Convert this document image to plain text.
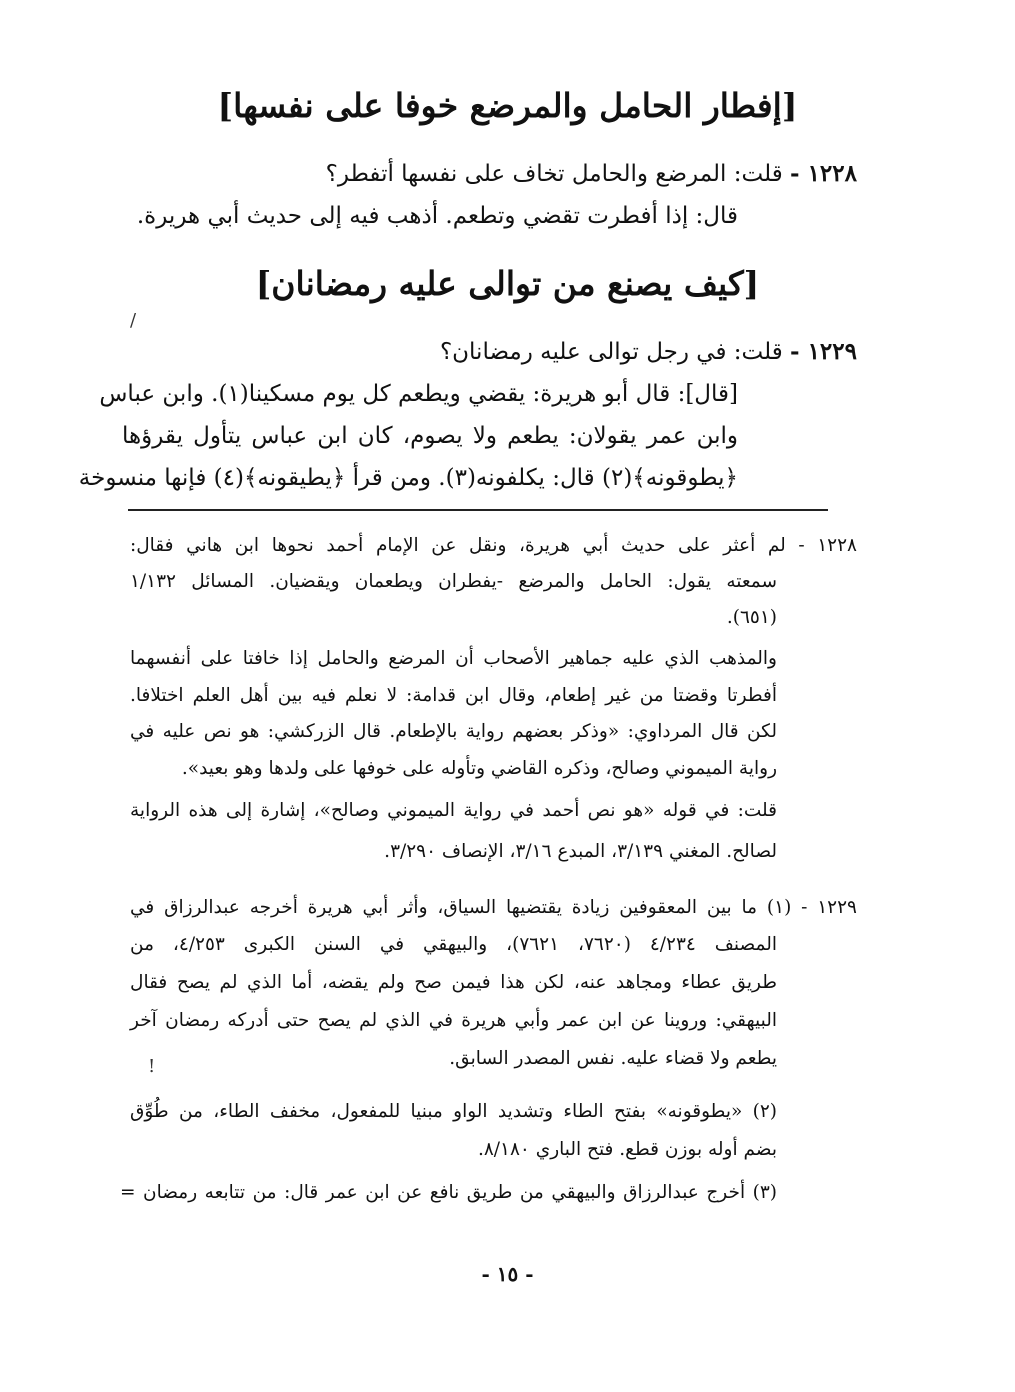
[إفطار الحامل والمرضع خوفا على نفسها]
١٢٢٨ - قلت: المرضع والحامل تخاف على نفسها أتفطر؟
قال: إذا أفطرت تقضي وتطعم. أذهب فيه إلى حديث أبي هريرة.
[كيف يصنع من توالى عليه رمضانان]
/
١٢٢٩ - قلت: في رجل توالى عليه رمضانان؟
[قال]: قال أبو هريرة: يقضي ويطعم كل يوم مسكينا(١). وابن عباس
وابن عمر يقولان: يطعم ولا يصوم، كان ابن عباس يتأول يقرؤها
﴿يطوقونه﴾(٢) قال: يكلفونه(٣). ومن قرأ ﴿يطيقونه﴾(٤) فإنها منسوخة
١٢٢٨ - لم أعثر على حديث أبي هريرة، ونقل عن الإمام أحمد نحوها ابن هاني فقال:
سمعته يقول: الحامل والمرضع -يفطران ويطعمان ويقضيان. المسائل ١/١٣٢
(٦٥١).
والمذهب الذي عليه جماهير الأصحاب أن المرضع والحامل إذا خافتا على أنفسهما
أفطرتا وقضتا من غير إطعام، وقال ابن قدامة: لا نعلم فيه بين أهل العلم اختلافا.
لكن قال المرداوي: «وذكر بعضهم رواية بالإطعام. قال الزركشي: هو نص عليه في
رواية الميموني وصالح، وذكره القاضي وتأوله على خوفها على ولدها وهو بعيد».
قلت: في قوله «هو نص أحمد في رواية الميموني وصالح»، إشارة إلى هذه الرواية
لصالح. المغني ٣/١٣٩، المبدع ٣/١٦، الإنصاف ٣/٢٩٠.
١٢٢٩ - (١) ما بين المعقوفين زيادة يقتضيها السياق، وأثر أبي هريرة أخرجه عبدالرزاق في
المصنف ٤/٢٣٤ (٧٦٢٠، ٧٦٢١)، والبيهقي في السنن الكبرى ٤/٢٥٣، من
طريق عطاء ومجاهد عنه، لكن هذا فيمن صح ولم يقضه، أما الذي لم يصح فقال
البيهقي: وروينا عن ابن عمر وأبي هريرة في الذي لم يصح حتى أدركه رمضان آخر
يطعم ولا قضاء عليه. نفس المصدر السابق.
!
(٢) «يطوقونه» بفتح الطاء وتشديد الواو مبنيا للمفعول، مخفف الطاء، من طُوِّق
بضم أوله بوزن قطع. فتح الباري ٨/١٨٠.
(٣) أخرج عبدالرزاق والبيهقي من طريق نافع عن ابن عمر قال: من تتابعه رمضان =
- ١٥ -
